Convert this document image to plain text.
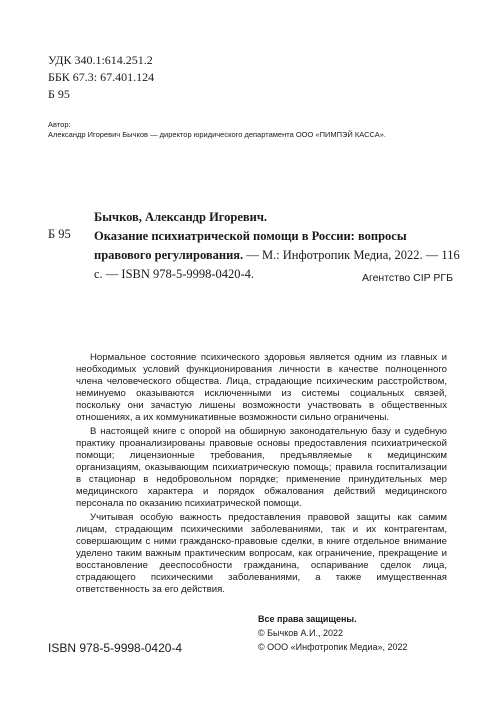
УДК 340.1:614.251.2
ББК 67.3: 67.401.124
Б 95
Автор:
Александр Игоревич Бычков — директор юридического департамента ООО «ПИМПЭЙ КАССА».
Б 95
Бычков, Александр Игоревич.
Оказание психиатрической помощи в России: вопросы правового регулирования. — М.: Инфотропик Медиа, 2022. — 116 с. — ISBN 978-5-9998-0420-4.	Агентство CIP РГБ

Нормальное состояние психического здоровья является одним из главных и необходимых условий функционирования личности в качестве полноценного члена человеческого общества. Лица, страдающие психическим расстройством, неминуемо оказываются исключенными из системы социальных связей, поскольку они зачастую лишены возможности участвовать в общественных отношениях, а их коммуникативные возможности сильно ограничены.

В настоящей книге с опорой на обширную законодательную базу и судебную практику проанализированы правовые основы предоставления психиатрической помощи; лицензионные требования, предъявляемые к медицинским организациям, оказывающим психиатрическую помощь; правила госпитализации в стационар в недобровольном порядке; применение принудительных мер медицинского характера и порядок обжалования действий медицинского персонала по оказанию психиатрической помощи.

Учитывая особую важность предоставления правовой защиты как самим лицам, страдающим психическими заболеваниями, так и их контрагентам, совершающим с ними гражданско-правовые сделки, в книге отдельное внимание уделено таким важным практическим вопросам, как ограничение, прекращение и восстановление дееспособности гражданина, оспаривание сделок лица, страдающего психическими заболеваниями, а также имущественная ответственность за его действия.

Все права защищены.
© Бычков А.И., 2022
© ООО «Инфотропик Медиа», 2022
ISBN 978-5-9998-0420-4
